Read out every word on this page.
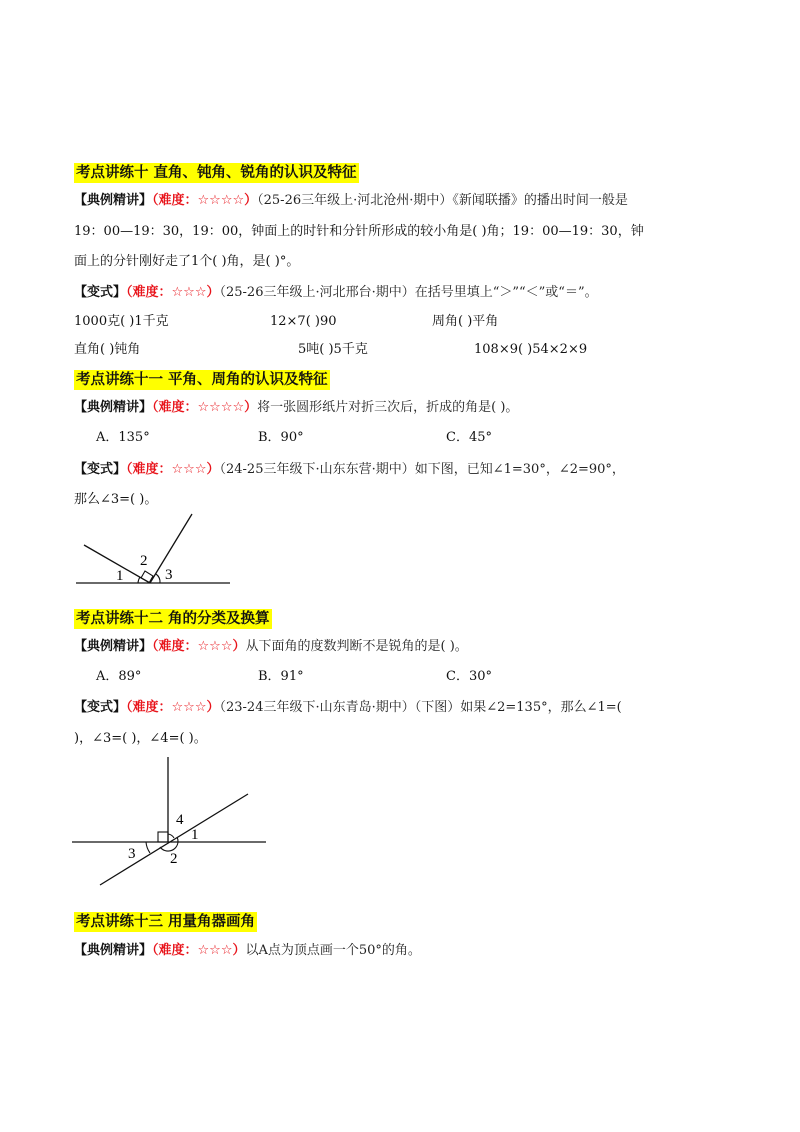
考点讲练十 直角、钝角、锐角的认识及特征
【典例精讲】（难度：☆☆☆☆）（25-26三年级上·河北沧州·期中）《新闻联播》的播出时间一般是
19：00—19：30，19：00，钟面上的时针和分针所形成的较小角是( )角；19：00—19：30，钟
面上的分针刚好走了1个( )角，是( )°。
【变式】（难度：☆☆☆）（25-26三年级上·河北邢台·期中）在括号里填上“＞”“＜”或“＝”。
1000克( )1千克	12×7( )90	周角( )平角
直角( )钝角	5吨( )5千克	108×9( )54×2×9
考点讲练十一 平角、周角的认识及特征
【典例精讲】（难度：☆☆☆☆）将一张圆形纸片对折三次后，折成的角是( )。
A．135°	B．90°	C．45°
【变式】（难度：☆☆☆）（24-25三年级下·山东东营·期中）如下图，已知∠1=30°，∠2=90°，
那么∠3=( )。
1
2
3
考点讲练十二 角的分类及换算
【典例精讲】（难度：☆☆☆）从下面角的度数判断不是锐角的是( )。
A．89°	B．91°	C．30°
【变式】（难度：☆☆☆）（23-24三年级下·山东青岛·期中）（下图）如果∠2=135°，那么∠1=(
)，∠3=( )，∠4=( )。
4
1
3 2
考点讲练十三 用量角器画角
【典例精讲】（难度：☆☆☆）以A点为顶点画一个50°的角。
